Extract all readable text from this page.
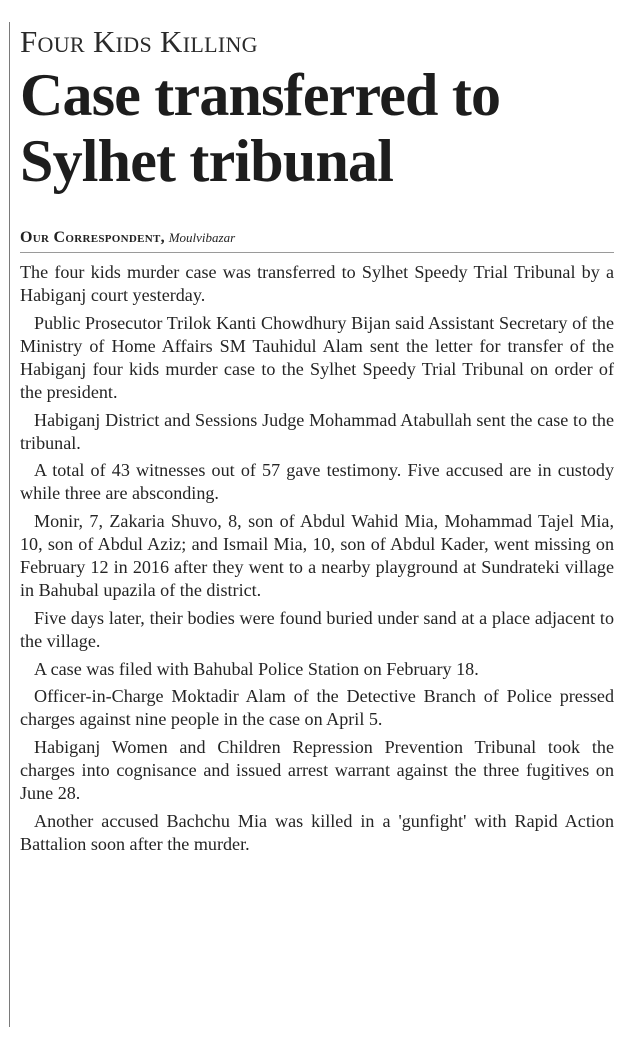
Four Kids Killing
Case transferred to Sylhet tribunal
Our Correspondent, Moulvibazar

The four kids murder case was transferred to Sylhet Speedy Trial Tribunal by a Habiganj court yesterday.

Public Prosecutor Trilok Kanti Chowdhury Bijan said Assistant Secretary of the Ministry of Home Affairs SM Tauhidul Alam sent the letter for transfer of the Habiganj four kids murder case to the Sylhet Speedy Trial Tribunal on order of the president.

Habiganj District and Sessions Judge Mohammad Atabullah sent the case to the tribunal.

A total of 43 witnesses out of 57 gave testimony. Five accused are in custody while three are absconding.

Monir, 7, Zakaria Shuvo, 8, son of Abdul Wahid Mia, Mohammad Tajel Mia, 10, son of Abdul Aziz; and Ismail Mia, 10, son of Abdul Kader, went missing on February 12 in 2016 after they went to a nearby playground at Sundrateki village in Bahubal upazila of the district.

Five days later, their bodies were found buried under sand at a place adjacent to the village.

A case was filed with Bahubal Police Station on February 18.

Officer-in-Charge Moktadir Alam of the Detective Branch of Police pressed charges against nine people in the case on April 5.

Habiganj Women and Children Repression Prevention Tribunal took the charges into cognisance and issued arrest warrant against the three fugitives on June 28.

Another accused Bachchu Mia was killed in a 'gunfight' with Rapid Action Battalion soon after the murder.
